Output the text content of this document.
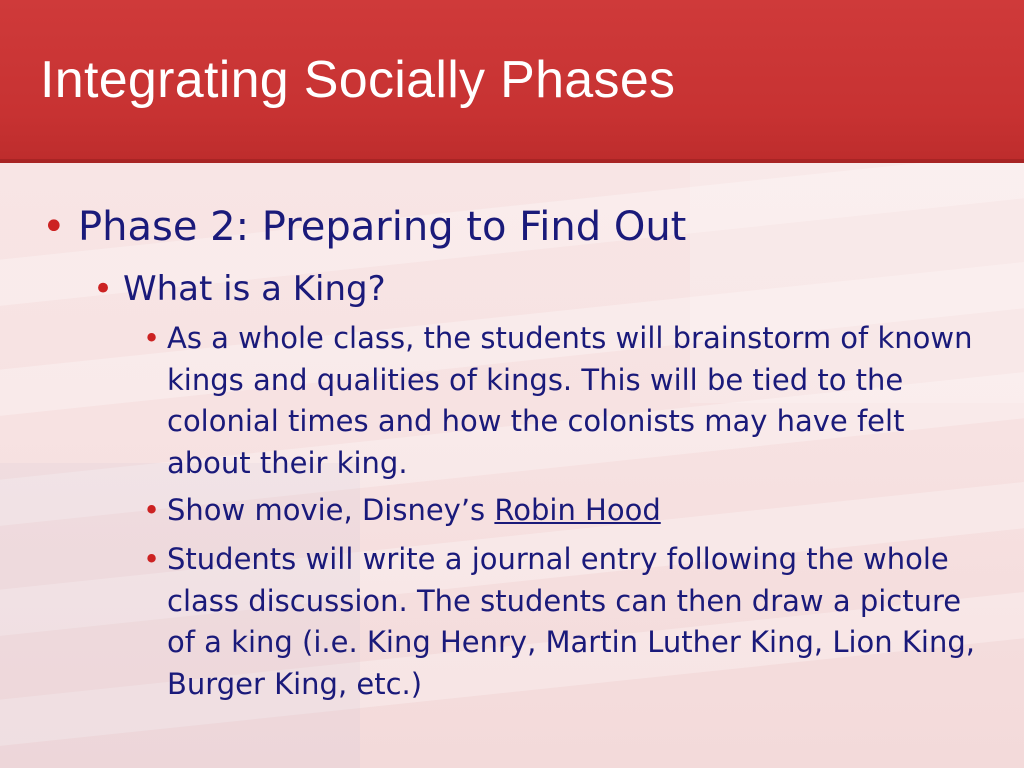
Integrating Socially Phases
• Phase 2: Preparing to Find Out
• What is a King?
• As a whole class, the students will brainstorm of known kings and qualities of kings. This will be tied to the colonial times and how the colonists may have felt about their king.
• Show movie, Disney’s Robin Hood
• Students will write a journal entry following the whole class discussion. The students can then draw a picture of a king (i.e. King Henry, Martin Luther King, Lion King, Burger King, etc.)
